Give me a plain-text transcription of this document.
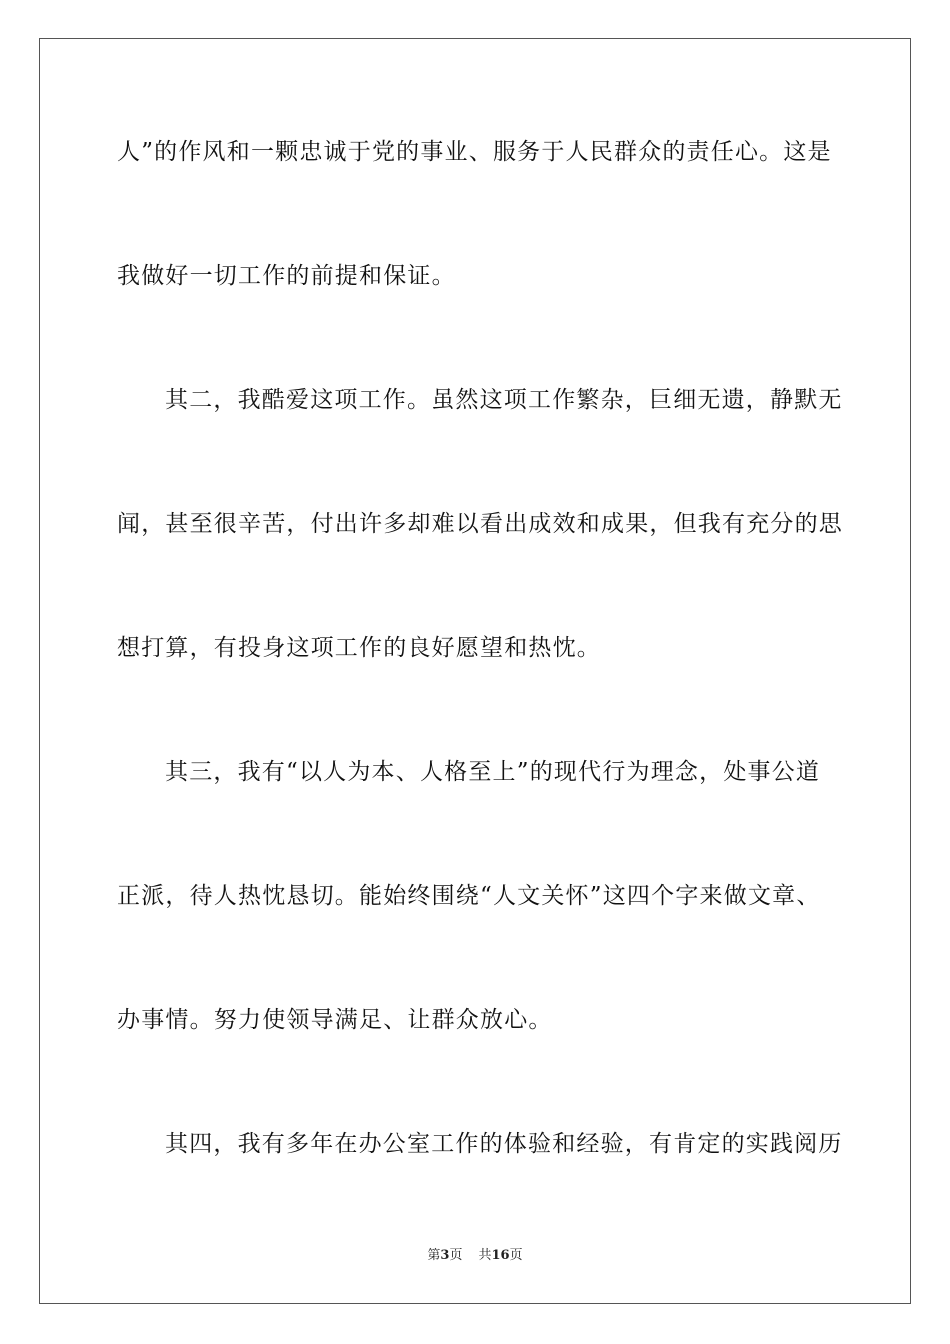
人”的作风和一颗忠诚于党的事业、服务于人民群众的责任心。这是
我做好一切工作的前提和保证。
其二，我酷爱这项工作。虽然这项工作繁杂，巨细无遗，静默无
闻，甚至很辛苦，付出许多却难以看出成效和成果，但我有充分的思
想打算，有投身这项工作的良好愿望和热忱。
其三，我有“以人为本、人格至上”的现代行为理念，处事公道
正派，待人热忱恳切。能始终围绕“人文关怀”这四个字来做文章、
办事情。努力使领导满足、让群众放心。
其四，我有多年在办公室工作的体验和经验，有肯定的实践阅历
第3页 共16页
